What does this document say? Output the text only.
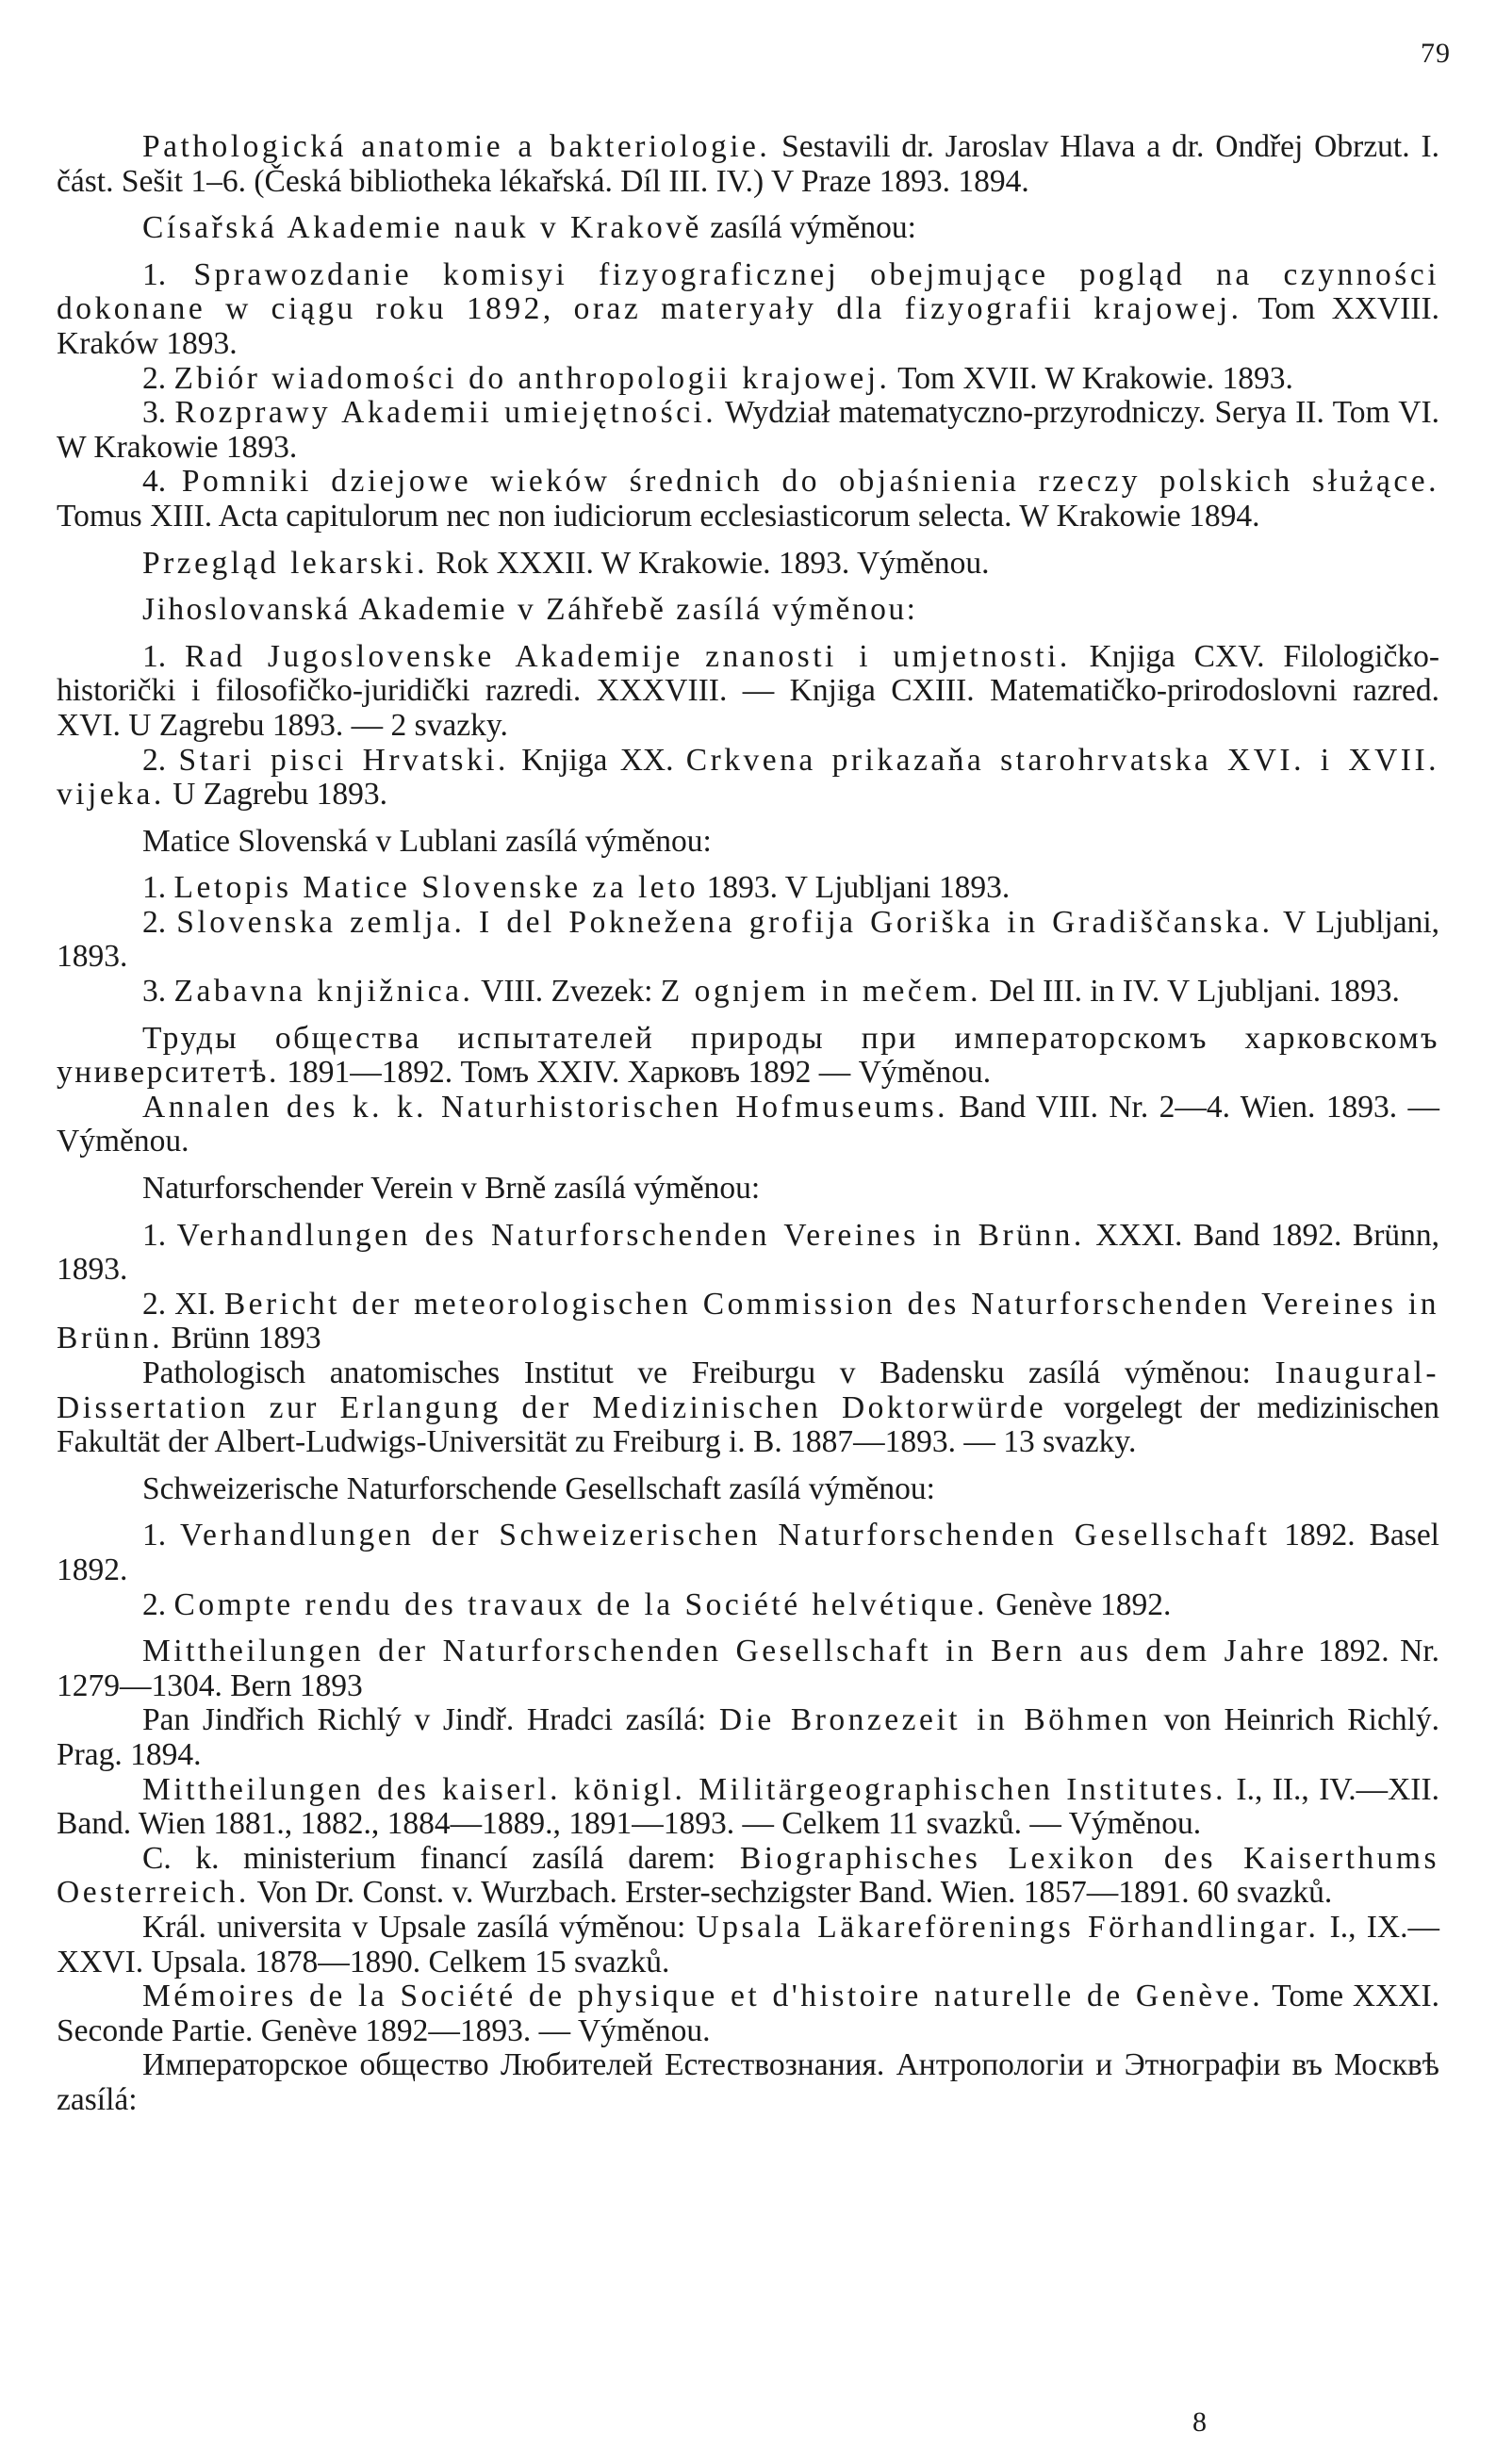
79

Pathologická anatomie a bakteriologie. Sestavili dr. Jaroslav Hlava a dr. Ondřej Obrzut. I. část. Sešit 1–6. (Česká bibliotheka lékařská. Díl III. IV.) V Praze 1893. 1894.

Císařská Akademie nauk v Krakově zasílá výměnou:

1. Sprawozdanie komisyi fizyograficznej obejmujące pogląd na czynności dokonane w ciągu roku 1892, oraz materyały dla fizyografii krajowej. Tom XXVIII. Kraków 1893.

2. Zbiór wiadomości do anthropologii krajowej. Tom XVII. W Krakowie. 1893.

3. Rozprawy Akademii umiejętności. Wydział matematyczno-przyrodniczy. Serya II. Tom VI. W Krakowie 1893.

4. Pomniki dziejowe wieków średnich do objaśnienia rzeczy polskich służące. Tomus XIII. Acta capitulorum nec non iudiciorum ecclesiasticorum selecta. W Krakowie 1894.

Przegląd lekarski. Rok XXXII. W Krakowie. 1893. Výměnou.

Jihoslovanská Akademie v Záhřebě zasílá výměnou:

1. Rad Jugoslovenske Akademije znanosti i umjetnosti. Knjiga CXV. Filologičko-historički i filosofičko-juridički razredi. XXXVIII. — Knjiga CXIII. Matematičko-prirodoslovni razred. XVI. U Zagrebu 1893. — 2 svazky.

2. Stari pisci Hrvatski. Knjiga XX. Crkvena prikazaňa starohrvatska XVI. i XVII. vijeka. U Zagrebu 1893.

Matice Slovenská v Lublani zasílá výměnou:

1. Letopis Matice Slovenske za leto 1893. V Ljubljani 1893.

2. Slovenska zemlja. I del Pokneženа grofija Goriška in Gradiščanska. V Ljubljani, 1893.

3. Zabavna knjižnica. VIII. Zvezek: Z ognjem in mečem. Del III. in IV. V Ljubljani. 1893.

Труды общества испытателей природы при императорскомъ харковскомъ университетѣ. 1891—1892. Томъ XXIV. Харковъ 1892 — Výměnou.

Annalen des k. k. Naturhistorischen Hofmuseums. Band VIII. Nr. 2—4. Wien. 1893. — Výměnou.

Naturforschender Verein v Brně zasílá výměnou:

1. Verhandlungen des Naturforschenden Vereines in Brünn. XXXI. Band 1892. Brünn, 1893.

2. XI. Bericht der meteorologischen Commission des Naturforschenden Vereines in Brünn. Brünn 1893

Pathologisch anatomisches Institut ve Freiburgu v Badensku zasílá výměnou: Inaugural-Dissertation zur Erlangung der Medizinischen Doktorwürde vorgelegt der medizinischen Fakultät der Albert-Ludwigs-Universität zu Freiburg i. B. 1887—1893. — 13 svazky.

Schweizerische Naturforschende Gesellschaft zasílá výměnou:

1. Verhandlungen der Schweizerischen Naturforschenden Gesellschaft 1892. Basel 1892.

2. Compte rendu des travaux de la Société helvétique. Genève 1892.

Mittheilungen der Naturforschenden Gesellschaft in Bern aus dem Jahre 1892. Nr. 1279—1304. Bern 1893

Pan Jindřich Richlý v Jindř. Hradci zasílá: Die Bronzezeit in Böhmen von Heinrich Richlý. Prag. 1894.

Mittheilungen des kaiserl. königl. Militärgeographischen Institutes. I., II., IV.—XII. Band. Wien 1881., 1882., 1884—1889., 1891—1893. — Celkem 11 svazků. — Výměnou.

C. k. ministerium financí zasílá darem: Biographisches Lexikon des Kaiserthums Oesterreich. Von Dr. Const. v. Wurzbach. Erster-sechzigster Band. Wien. 1857—1891. 60 svazků.

Král. universita v Upsale zasílá výměnou: Upsala Läkareförenings Förhandlingar. I., IX.—XXVI. Upsala. 1878—1890. Celkem 15 svazků.

Mémoires de la Société de physique et d'histoire naturelle de Genève. Tome XXXI. Seconde Partie. Genève 1892—1893. — Výměnou.

Императорское общество Любителей Естествознания. Антропологіи и Этнографіи въ Москвѣ zasílá:

8
